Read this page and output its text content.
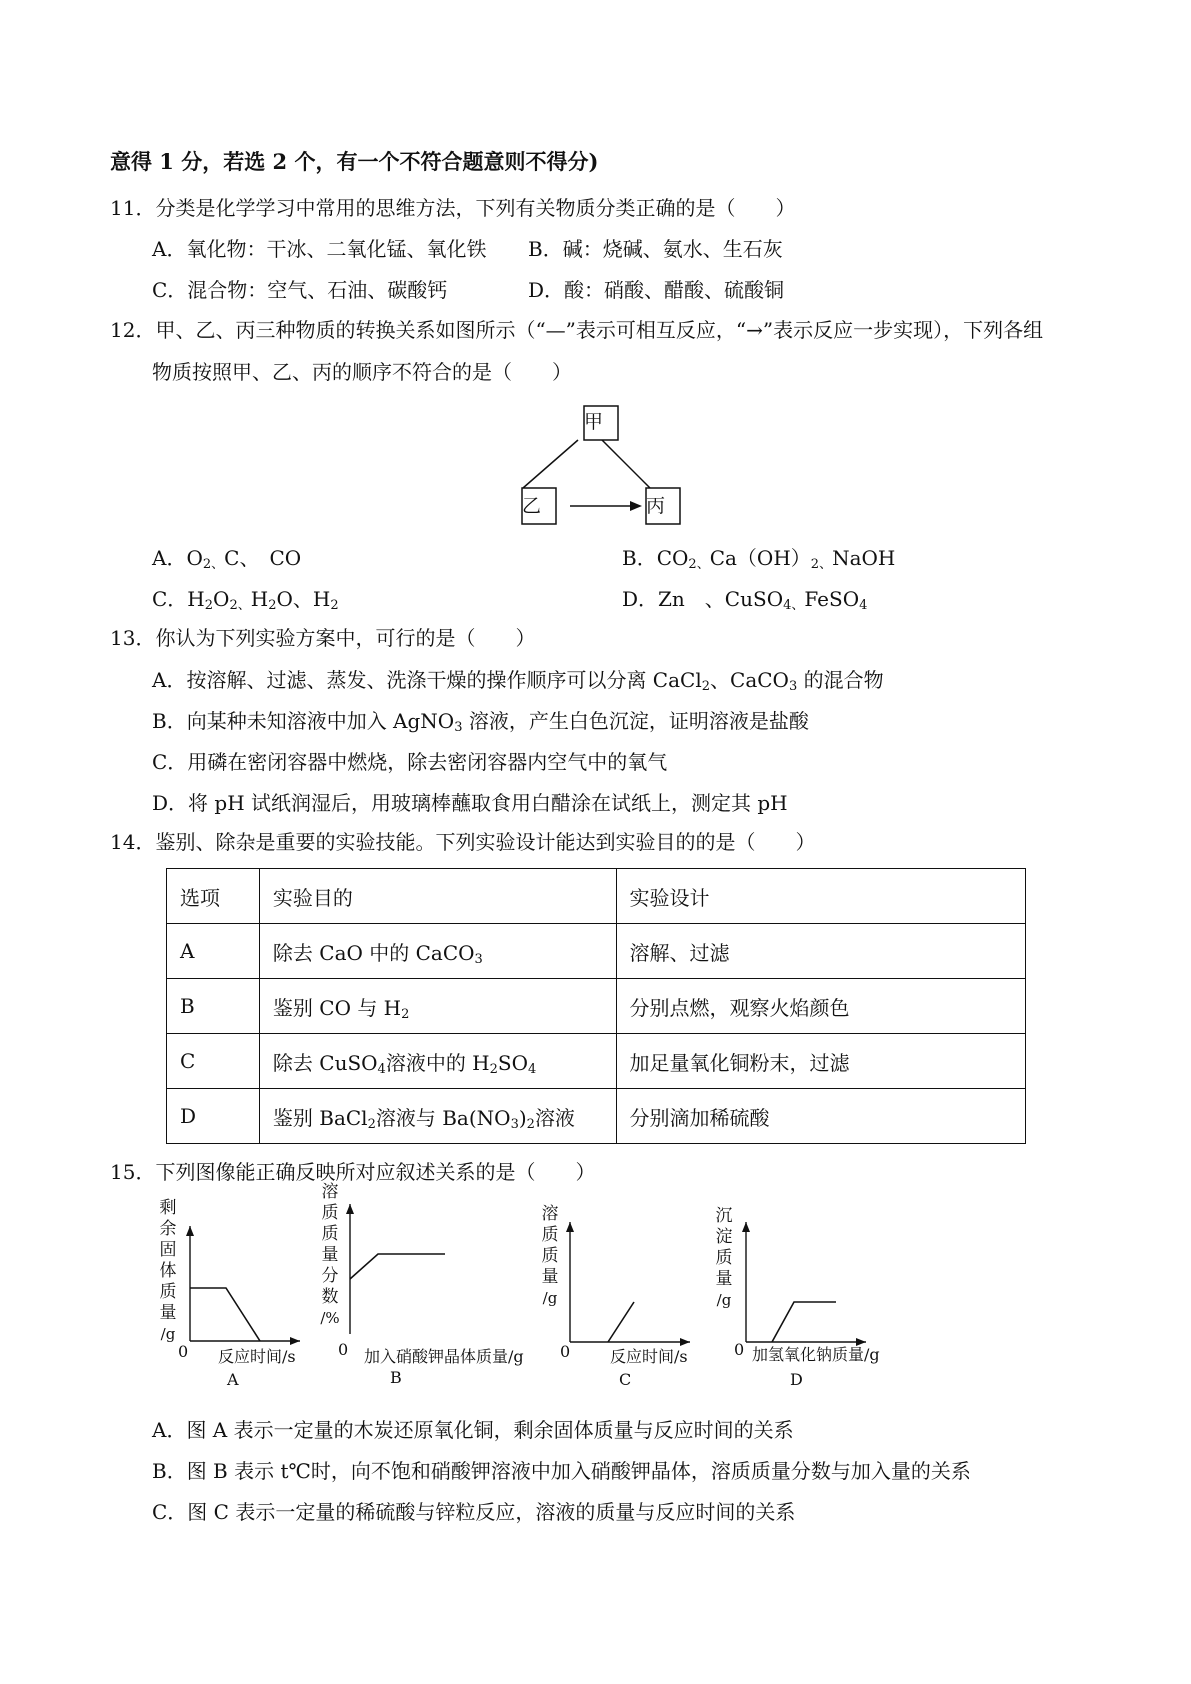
意得 1 分，若选 2 个，有一个不符合题意则不得分)
11．分类是化学学习中常用的思维方法，下列有关物质分类正确的是（　　）
A．氧化物：干冰、二氧化锰、氧化铁 B．碱：烧碱、氨水、生石灰
C．混合物：空气、石油、碳酸钙	D．酸：硝酸、醋酸、硫酸铜
12．甲、乙、丙三种物质的转换关系如图所示（“—”表示可相互反应，“→”表示反应一步实现），下列各组
物质按照甲、乙、丙的顺序不符合的是（　　）
甲
乙	丙
A．$O_{2、}C$、　CO	B．$CO_{2、}Ca(OH)_{2、}NaOH$
C．$H_2O_{2、}H_2O$、$H_2$	D．Zn　、CuSO$_{4、}$FeSO$_4$
13．你认为下列实验方案中，可行的是（　　）
A．按溶解、过滤、蒸发、洗涤干燥的操作顺序可以分离 CaCl$_2$、CaCO$_3$ 的混合物
B．向某种未知溶液中加入 AgNO$_3$ 溶液，产生白色沉淀，证明溶液是盐酸
C．用磷在密闭容器中燃烧，除去密闭容器内空气中的氧气
D．将 pH 试纸润湿后，用玻璃棒蘸取食用白醋涂在试纸上，测定其 pH
14．鉴别、除杂是重要的实验技能。下列实验设计能达到实验目的的是（　　）
选项	实验目的	实验设计
A	除去 CaO 中的 CaCO$_3$	溶解、过滤
B	鉴别 CO 与 $H_2$	分别点燃，观察火焰颜色
C	除去 CuSO$_4$溶液中的 $H_2SO_4$	加足量氧化铜粉末，过滤
D	鉴别 BaCl$_2$溶液与 $Ba(NO_3)_2$溶液	分别滴加稀硫酸
15．下列图像能正确反映所对应叙述关系的是（　　）
剩
余
固
体
质
量
/g
0 反应时间/s
A
溶
质
质
量
分
数
/%
0 加入硝酸钾晶体质量/g
B
溶
质
质
量
/g
0 反应时间/s
C
沉
淀
质
量
/g
0 加氢氧化钠质量/g
D
A．图 A 表示一定量的木炭还原氧化铜，剩余固体质量与反应时间的关系
B．图 B 表示 t℃时，向不饱和硝酸钾溶液中加入硝酸钾晶体，溶质质量分数与加入量的关系
C．图 C 表示一定量的稀硫酸与锌粒反应，溶液的质量与反应时间的关系
